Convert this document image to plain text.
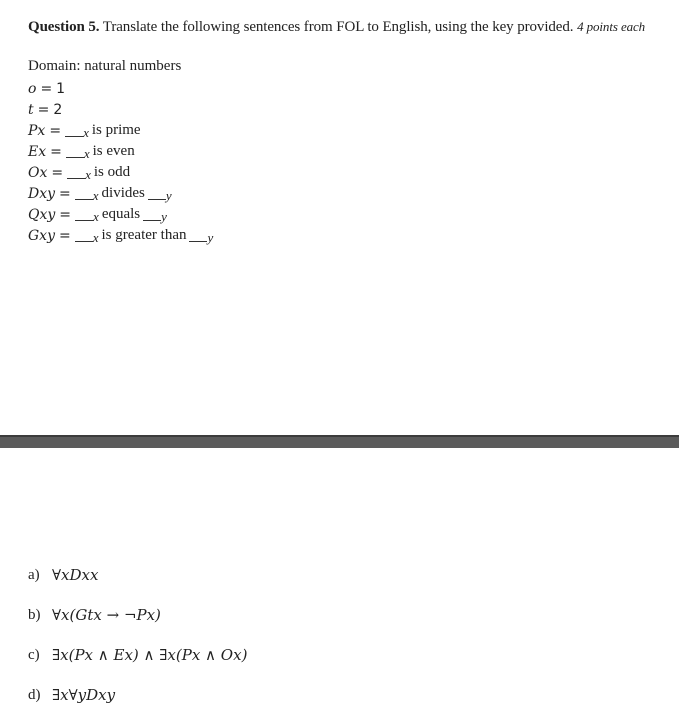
Question 5. Translate the following sentences from FOL to English, using the key provided. 4 points each
Domain: natural numbers
o = 1
t = 2
Px = x is prime
Ex = x is even
Ox = x is odd
Dxy = x divides y
Qxy = x equals y
Gxy = x is greater than y
a) ∀xDxx
b) ∀x(Gtx → ¬Px)
c) ∃x(Px ∧ Ex) ∧ ∃x(Px ∧ Ox)
d) ∃x∀yDxy
